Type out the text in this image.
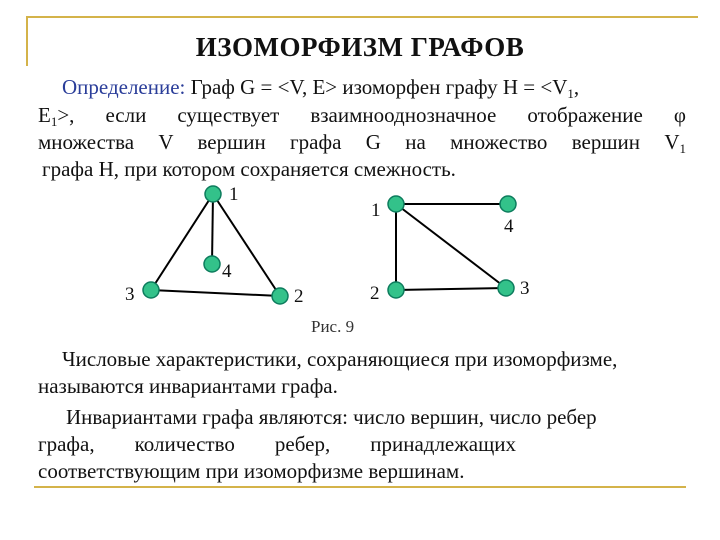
ИЗОМОРФИЗМ ГРАФОВ
Определение: Граф G = <V, E> изоморфен графу $H = <V_1$,
$E_1>$, если существует взаимнооднозначное отображение φ
множества V вершин графа G на множество вершин $V_1$
графа H, при котором сохраняется смежность.
1
4
3	2
1
4
2	3
Рис. 9
Числовые характеристики, сохраняющиеся при изоморфизме,
называются инвариантами графа.
Инвариантами графа являются: число вершин, число ребер
графа, количество ребер, принадлежащих
соответствующим при изоморфизме вершинам.
